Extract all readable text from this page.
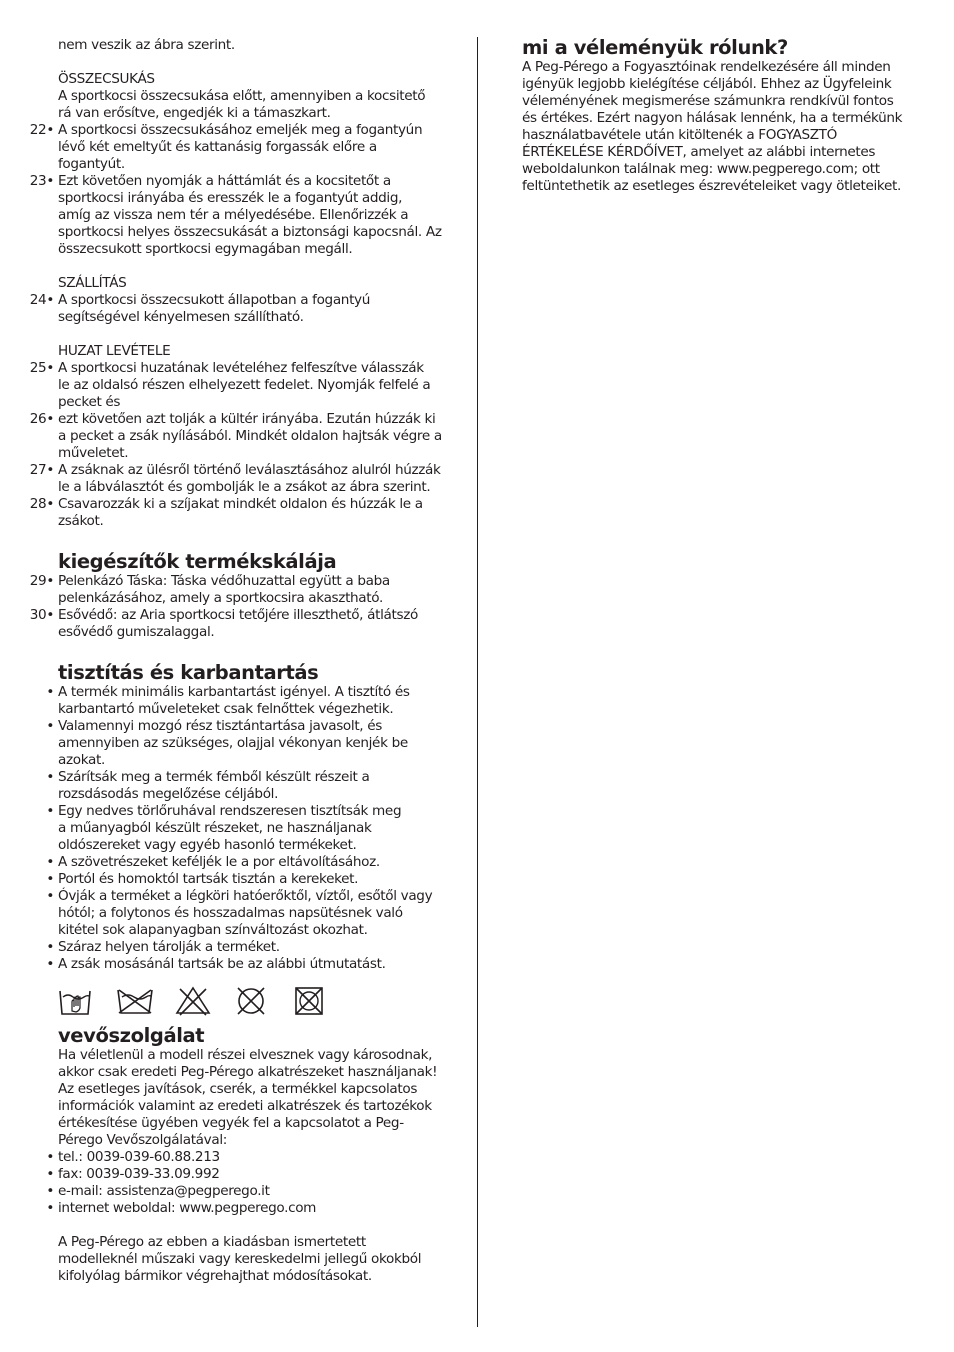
nem veszik az ábra szerint.
ÖSSZECSUKÁS
A sportkocsi összecsukása előtt, amennyiben a kocsitető
rá van erősítve, engedjék ki a támaszkart.
22• A sportkocsi összecsukásához emeljék meg a fogantyún
lévő két emeltyűt és kattanásig forgassák előre a
fogantyút.
23• Ezt követően nyomják a háttámlát és a kocsitetőt a
sportkocsi irányába és eresszék le a fogantyút addig,
amíg az vissza nem tér a mélyedésébe. Ellenőrizzék a
sportkocsi helyes összecsukását a biztonsági kapocsnál. Az
összecsukott sportkocsi egymagában megáll.
SZÁLLÍTÁS
24• A sportkocsi összecsukott állapotban a fogantyú
segítségével kényelmesen szállítható.
HUZAT LEVÉTELE
25• A sportkocsi huzatának levételéhez felfeszítve válasszák
le az oldalsó részen elhelyezett fedelet. Nyomják felfelé a
pecket és
26• ezt követően azt tolják a kültér irányába. Ezután húzzák ki
a pecket a zsák nyílásából. Mindkét oldalon hajtsák végre a
műveletet.
27• A zsáknak az ülésről történő leválasztásához alulról húzzák
le a lábválasztót és gombolják le a zsákot az ábra szerint.
28• Csavarozzák ki a szíjakat mindkét oldalon és húzzák le a
zsákot.
kiegészítők termékskálája
29• Pelenkázó Táska: Táska védőhuzattal együtt a baba
pelenkázásához, amely a sportkocsira akasztható.
30• Esővédő: az Aria sportkocsi tetőjére illeszthető, átlátszó
esővédő gumiszalaggal.
tisztítás és karbantartás
• A termék minimális karbantartást igényel. A tisztító és
karbantartó műveleteket csak felnőttek végezhetik.
• Valamennyi mozgó rész tisztántartása javasolt, és
amennyiben az szükséges, olajjal vékonyan kenjék be
azokat.
• Szárítsák meg a termék fémből készült részeit a
rozsdásodás megelőzése céljából.
• Egy nedves törlőruhával rendszeresen tisztítsák meg
a műanyagból készült részeket, ne használjanak
oldószereket vagy egyéb hasonló termékeket.
• A szövetrészeket keféljék le a por eltávolításához.
• Portól és homoktól tartsák tisztán a kerekeket.
• Óvják a terméket a légköri hatóerőktől, víztől, esőtől vagy
hótól; a folytonos és hosszadalmas napsütésnek való
kitétel sok alapanyagban színváltozást okozhat.
• Száraz helyen tárolják a terméket.
• A zsák mosásánál tartsák be az alábbi útmutatást.
vevőszolgálat
Ha véletlenül a modell részei elvesznek vagy károsodnak,
akkor csak eredeti Peg-Pérego alkatrészeket használjanak!
Az esetleges javítások, cserék, a termékkel kapcsolatos
információk valamint az eredeti alkatrészek és tartozékok
értékesítése ügyében vegyék fel a kapcsolatot a Peg-
Pérego Vevőszolgálatával:
• tel.: 0039-039-60.88.213
• fax: 0039-039-33.09.992
• e-mail: assistenza@pegperego.it
• internet weboldal: www.pegperego.com
A Peg-Pérego az ebben a kiadásban ismertetett
modelleknél műszaki vagy kereskedelmi jellegű okokból
kifolyólag bármikor végrehajthat módosításokat.
mi a véleményük rólunk?
A Peg-Pérego a Fogyasztóinak rendelkezésére áll minden
igényük legjobb kielégítése céljából. Ehhez az Ügyfeleink
véleményének megismerése számunkra rendkívül fontos
és értékes. Ezért nagyon hálásak lennénk, ha a termékünk
használatbavétele után kitöltenék a FOGYASZTÓ
ÉRTÉKELÉSE KÉRDŐÍVET, amelyet az alábbi internetes
weboldalunkon találnak meg: www.pegperego.com; ott
feltüntethetik az esetleges észrevételeiket vagy ötleteiket.
